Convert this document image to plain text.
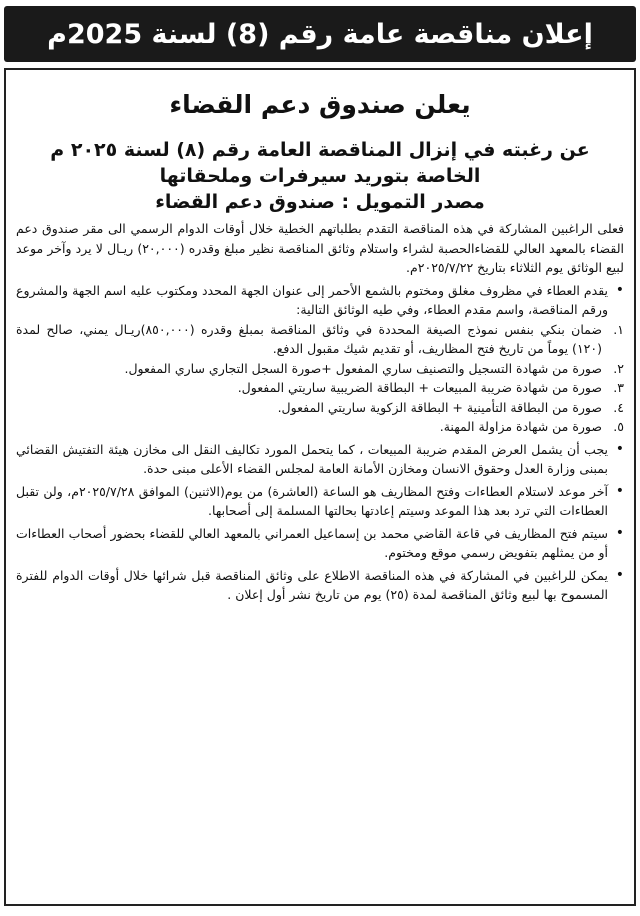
إعلان مناقصة عامة رقم (8) لسنة 2025م
يعلن صندوق دعم القضاء
عن رغبته في إنزال المناقصة العامة رقم (٨) لسنة ٢٠٢٥ م
الخاصة بتوريد سيرفرات وملحقاتها
مصدر التمويل : صندوق دعم القضاء

فعلى الراغبين المشاركة في هذه المناقصة التقدم بطلباتهم الخطية خلال أوقات الدوام الرسمي الى مقر صندوق دعم القضاء بالمعهد العالي للقضاءالحصبة لشراء واستلام وثائق المناقصة نظير مبلغ وقدره (٢٠,٠٠٠) ريـال لا يرد وآخر موعد لبيع الوثائق يوم الثلاثاء بتاريخ ٢٠٢٥/٧/٢٢م.

•
يقدم العطاء في مظروف مغلق ومختوم بالشمع الأحمر إلى عنوان الجهة المحدد ومكتوب عليه اسم الجهة والمشروع ورقم المناقصة، واسم مقدم العطاء، وفي طيه الوثائق التالية:
١.
ضمان بنكي بنفس نموذج الصيغة المحددة في وثائق المناقصة بمبلغ وقدره (٨٥٠,٠٠٠)ريـال يمني، صالح لمدة (١٢٠) يوماً من تاريخ فتح المظاريف، أو تقديم شيك مقبول الدفع.
٢.
صورة من شهادة التسجيل والتصنيف ساري المفعول +صورة السجل التجاري ساري المفعول.
٣.
صورة من شهادة ضريبة المبيعات + البطاقة الضريبية ساريتي المفعول.
٤.
صورة من البطاقة التأمينية + البطاقة الزكوية ساريتي المفعول.
٥.
صورة من شهادة مزاولة المهنة.
•
يجب أن يشمل العرض المقدم ضريبة المبيعات ، كما يتحمل المورد تكاليف النقل الى مخازن هيئة التفتيش القضائي بمبنى وزارة العدل وحقوق الانسان ومخازن الأمانة العامة لمجلس القضاء الأعلى مبنى حدة.
•
آخر موعد لاستلام العطاءات وفتح المظاريف هو الساعة (العاشرة) من يوم(الاثنين) الموافق ٢٠٢٥/٧/٢٨م، ولن تقبل العطاءات التي ترد بعد هذا الموعد وسيتم إعادتها بحالتها المسلمة إلى أصحابها.
•
سيتم فتح المظاريف في قاعة القاضي محمد بن إسماعيل العمراني بالمعهد العالي للقضاء بحضور أصحاب العطاءات أو من يمثلهم بتفويض رسمي موقع ومختوم.
•
يمكن للراغبين في المشاركة في هذه المناقصة الاطلاع على وثائق المناقصة قبل شرائها خلال أوقات الدوام للفترة المسموح بها لبيع وثائق المناقصة لمدة (٢٥) يوم من تاريخ نشر أول إعلان .
